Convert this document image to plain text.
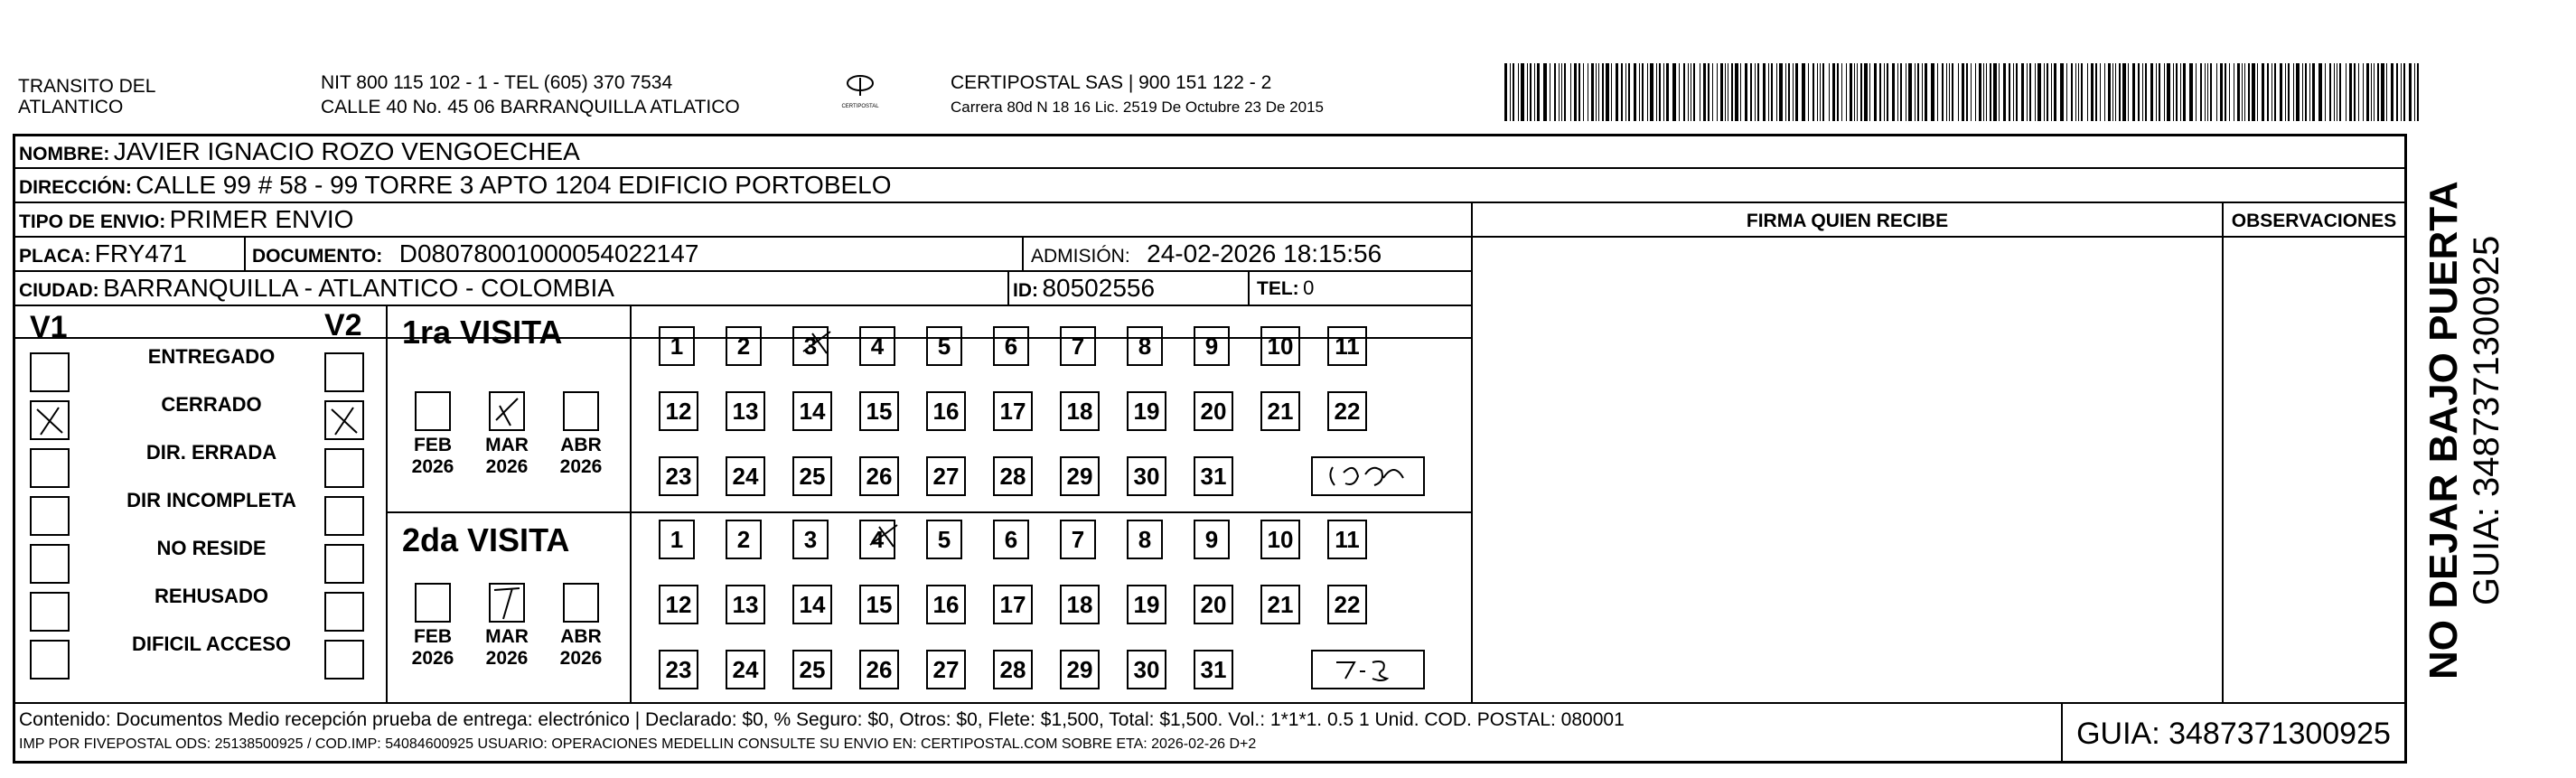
TRANSITO DEL
ATLANTICO
NIT 800 115 102 - 1 - TEL (605) 370 7534
CALLE 40 No. 45 06 BARRANQUILLA ATLATICO	CERTIPOSTAL
CERTIPOSTAL SAS | 900 151 122 - 2
Carrera 80d N 18 16 Lic. 2519 De Octubre 23 De 2015
NOMBRE: JAVIER IGNACIO ROZO VENGOECHEA
DIRECCIÓN: CALLE 99 # 58 - 99 TORRE 3 APTO 1204 EDIFICIO PORTOBELO
TIPO DE ENVIO: PRIMER ENVIO	FIRMA QUIEN RECIBE	OBSERVACIONES
PLACA: FRY471	DOCUMENTO: D08078001000054022147	ADMISIÓN: 24-02-2026 18:15:56
CIUDAD: BARRANQUILLA - ATLANTICO - COLOMBIA	ID: 80502556	TEL: 0
V1	V2
ENTREGADO
CERRADO
DIR. ERRADA
DIR INCOMPLETA
NO RESIDE
REHUSADO
DIFICIL ACCESO
1ra VISITA
2da VISITA
FEB
2026
MAR
2026
ABR
2026
FEB
2026
MAR
2026
ABR
2026
1	2	3	4	5	6	7	8	9	10	11
12 13 14 15 16 17 18 19 20 21 22
23 24 25 26 27 28 29 30 31
1	2	3	4	5	6	7	8	9	10	11
12 13 14 15 16 17 18 19 20 21 22
23 24 25 26 27 28 29 30 31
Contenido: Documentos Medio recepción prueba de entrega: electrónico | Declarado: $0, % Seguro: $0, Otros: $0, Flete: $1,500, Total: $1,500. Vol.: 1*1*1. 0.5 1 Unid. COD. POSTAL: 080001
IMP POR FIVEPOSTAL ODS: 25138500925 / COD.IMP: 54084600925 USUARIO: OPERACIONES MEDELLIN CONSULTE SU ENVIO EN: CERTIPOSTAL.COM SOBRE ETA: 2026-02-26 D+2	GUIA: 3487371300925
NO DEJAR BAJO PUERTA GUIA: 3487371300925
